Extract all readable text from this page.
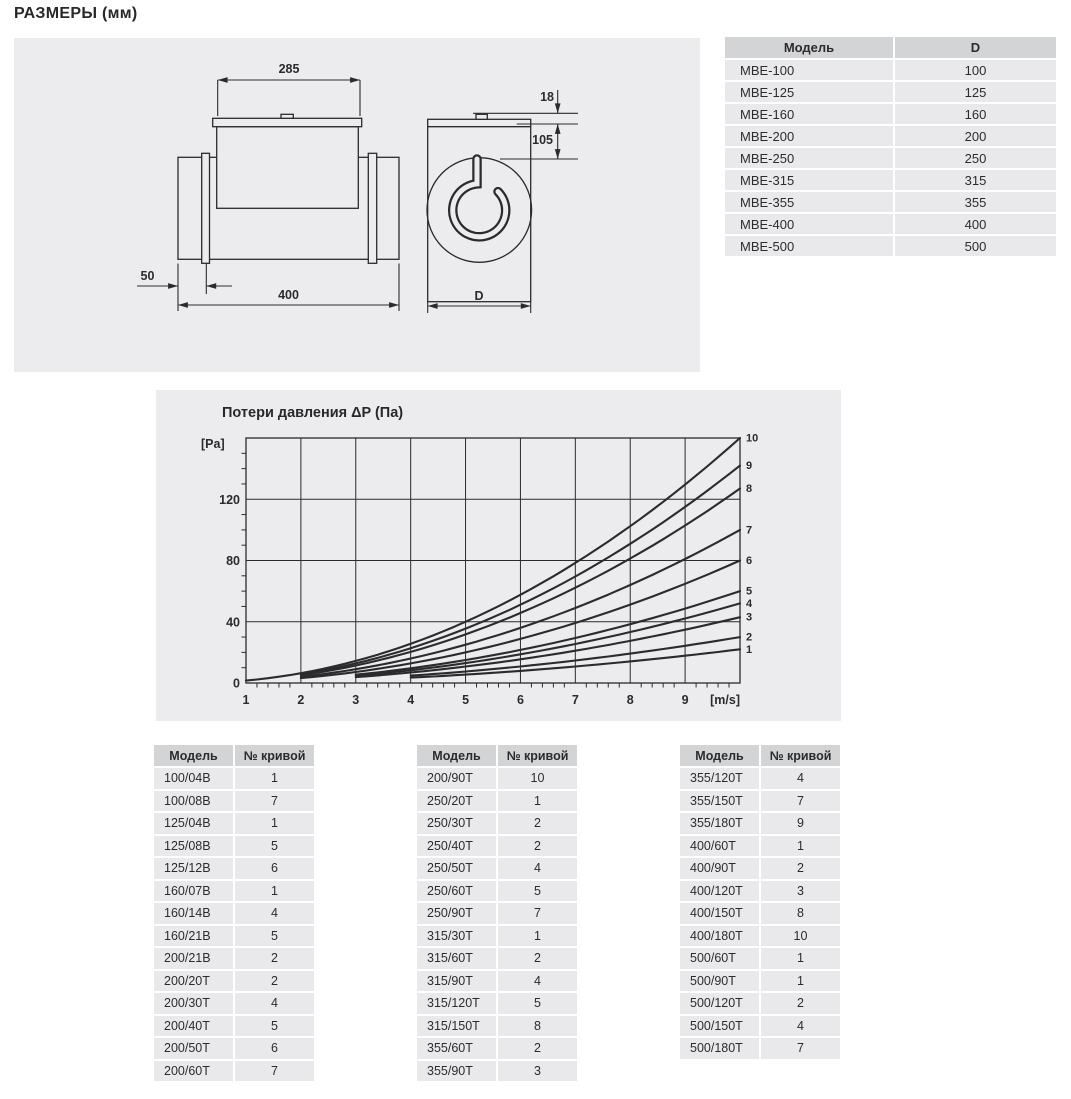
РАЗМЕРЫ (мм)
285
50
400
18
105
D
Модель	D
MBE-100	100
MBE-125	125
MBE-160	160
MBE-200	200
MBE-250	250
MBE-315	315
MBE-355	355
MBE-400	400
MBE-500	500
Потери давления ΔP (Па)
1	2	3	4	5	6	7	8	9
0
40
80
120
[Pa]
[m/s]
1
2
3
4
5
6
7
8
9
10
Модель	№ кривой
100/04B	1
100/08B	7
125/04B	1
125/08B	5
125/12B	6
160/07B	1
160/14B	4
160/21B	5
200/21B	2
200/20T	2
200/30T	4
200/40T	5
200/50T	6
200/60T	7
Модель	№ кривой
200/90T	10
250/20T	1
250/30T	2
250/40T	2
250/50T	4
250/60T	5
250/90T	7
315/30T	1
315/60T	2
315/90T	4
315/120T	5
315/150T	8
355/60T	2
355/90T	3
Модель	№ кривой
355/120T	4
355/150T	7
355/180T	9
400/60T	1
400/90T	2
400/120T	3
400/150T	8
400/180T	10
500/60T	1
500/90T	1
500/120T	2
500/150T	4
500/180T	7
